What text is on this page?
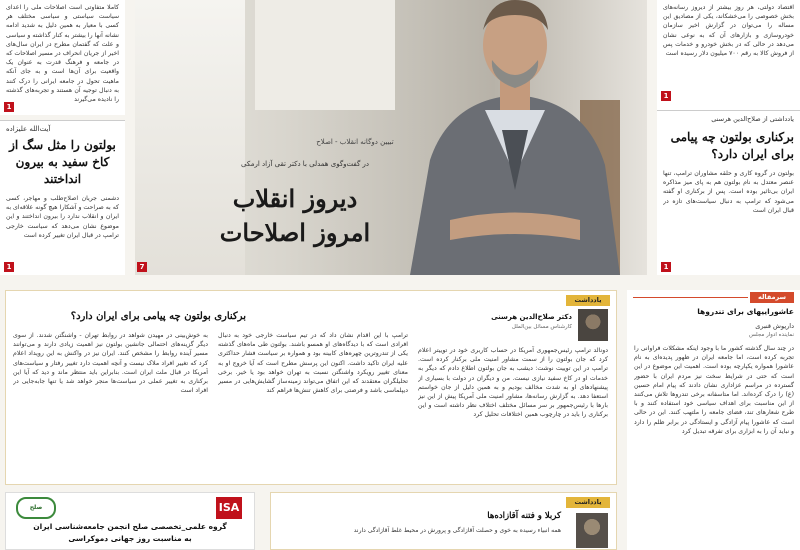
کاملا متفاوتی است اصلاحات ملی را اعدای سیاست سیاستی و سیاسی مختلف هر کسی با معیار به همین دلیل به شدید ادامه نشانه آنها را بیشتر به کنار گذاشته و سیاسی و علت که گفتمان مطرح در ایران سال‌های اخیر از جریان انحراف در مسیر اصلاحات که در جامعه و فرهنگ قدرت به‌ عنوان یک واقعیت برای آن‌ها است و به جای آنکه ماهیت تحول در جامعه ایرانی را درک کنند به دنبال توجیه آن هستند و تجربه‌های گذشته را نادیده می‌گیرند
1
آیت‌الله علیزاده
بولتون را مثل سگ از کاخ سفید به بیرون انداختند
دشمنی جریان اصلاح‌طلب و مهاجر، کسی که به صراحت و آشکارا هیچ گونه علاقه‌ای به ایران و انقلاب ندارد را بیرون انداختند و این موضوع نشان می‌دهد که سیاست خارجی ترامپ در قبال ایران تغییر کرده است
1
تبیین دوگانه انقلاب - اصلاح
در گفت‌وگوی همدلی با دکتر تقی آزاد ارمکی
دیروز انقلاب
امروز اصلاحات
7
اقتصاد دولتی، هر روز بیشتر از دیروز رسانه‌های بخش خصوصی را می‌خشکاند، یکی از مصادیق این مساله را می‌توان در گزارش اخیر سازمان خودروسازی و بازارهای آن که به نوعی نشان می‌دهد در حالی که در بخش خودرو و خدمات پس از فروش کالا به رقم ۷۰۰ میلیون دلار رسیده است
1
یادداشتی از صلاح‌الدین هرسنی
برکناری بولتون چه پیامی برای ایران دارد؟
بولتون در گروه کاری و حلقه مشاوران ترامپ، تنها عنصر معتدل به نام بولتون هم به پای میز مذاکره ایران بی‌تاثیر بوده است. پس از برکناری او گفته می‌شود که ترامپ به دنبال سیاست‌های تازه در قبال ایران است
1
یادداشت
دکتر صلاح‌الدین هرسنی
کارشناس مسائل بین‌الملل
برکناری بولتون چه پیامی برای ایران دارد؟
دونالد ترامپ رئیس‌جمهوری آمریکا در حساب کاربری خود در توییتر اعلام کرد که جان بولتون را از سمت مشاور امنیت ملی برکنار کرده است. ترامپ در این توییت نوشت: دیشب به جان بولتون اطلاع دادم که دیگر به خدمات او در کاخ سفید نیازی نیست. من و دیگران در دولت با بسیاری از پیشنهادهای او به شدت مخالف بودیم و به همین دلیل از جان خواستم استعفا دهد. به گزارش رسانه‌ها، مشاور امنیت ملی آمریکا پیش از این نیز بارها با رئیس‌جمهور بر سر مسائل مختلف اختلاف نظر داشته است و این برکناری را باید در چارچوب همین اختلافات تحلیل کرد
ترامپ با این اقدام نشان داد که در تیم سیاست خارجی خود به دنبال افرادی است که با دیدگاه‌های او همسو باشند. بولتون طی ماه‌های گذشته یکی از تندروترین چهره‌های کابینه بود و همواره بر سیاست فشار حداکثری علیه ایران تاکید داشت. اکنون این پرسش مطرح است که آیا خروج او به معنای تغییر رویکرد واشنگتن نسبت به تهران خواهد بود یا خیر. برخی تحلیلگران معتقدند که این اتفاق می‌تواند زمینه‌ساز گشایش‌هایی در مسیر دیپلماسی باشد و فرصتی برای کاهش تنش‌ها فراهم کند
به خوش‌بینی در مهیدن شواهد در روابط تهران - واشنگتن شدند. از سوی دیگر گزینه‌های احتمالی جانشین بولتون نیز اهمیت زیادی دارند و می‌توانند مسیر آینده روابط را مشخص کنند. ایران نیز در واکنش به این رویداد اعلام کرد که تغییر افراد ملاک نیست و آنچه اهمیت دارد تغییر رفتار و سیاست‌های آمریکا در قبال ملت ایران است. بنابراین باید منتظر ماند و دید که آیا این برکناری به تغییر عملی در سیاست‌ها منجر خواهد شد یا تنها جابه‌جایی در افراد است
صلح	ISA
گروه علمی_تخصصی صلح انجمن جامعه‌شناسی ایران
به مناسبت روز جهانی دموکراسی
یادداشت
کربلا و فتنه آقازاده‌ها
همه انبیاء رسیده به خوی و حصلت آقازادگی و پرورش در محیط غلط آقازادگی دارند
سرمقاله
عاشوراییهای برای تندروها
داریوش قنبری
نماینده ادوار مجلس
در چند سال گذشته کشور ما با وجود اینکه مشکلات فراوانی را تجربه کرده است، اما جامعه ایران در ظهور پدیده‌ای به نام عاشورا همواره یکپارچه بوده است. اهمیت این موضوع در این است که حتی در شرایط سخت نیز مردم ایران با حضور گسترده در مراسم عزاداری نشان دادند که پیام امام حسین (ع) را درک کرده‌اند. اما متاسفانه برخی تندروها تلاش می‌کنند از این مناسبت برای اهداف سیاسی خود استفاده کنند و با طرح شعارهای تند، فضای جامعه را ملتهب کنند. این در حالی است که عاشورا پیام آزادگی و ایستادگی در برابر ظلم را دارد و نباید آن را به ابزاری برای تفرقه تبدیل کرد
